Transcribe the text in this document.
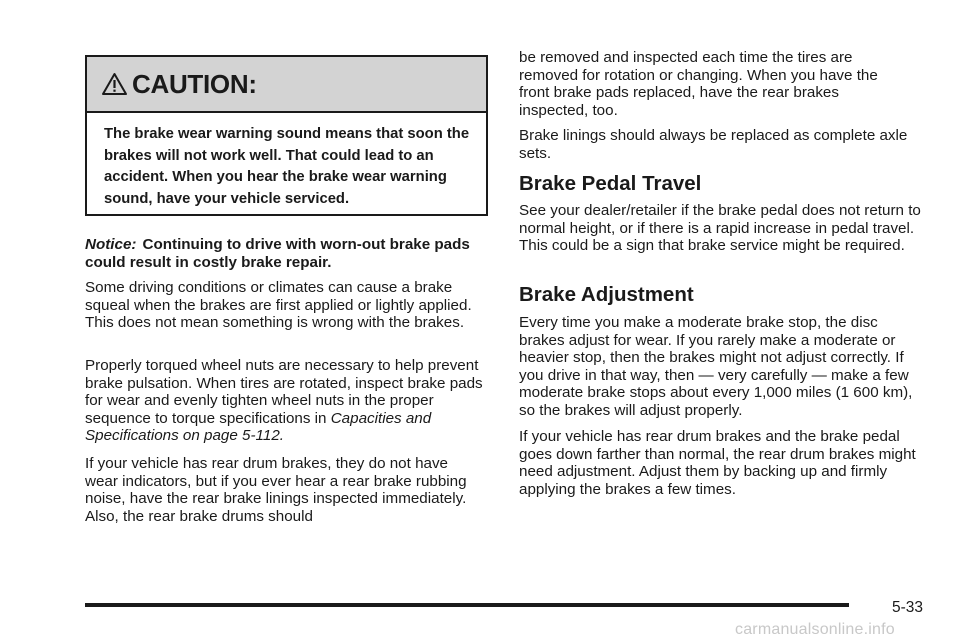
CAUTION:
The brake wear warning sound means that soon the brakes will not work well. That could lead to an accident. When you hear the brake wear warning sound, have your vehicle serviced.

Notice: Continuing to drive with worn-out brake pads could result in costly brake repair.

Some driving conditions or climates can cause a brake squeal when the brakes are first applied or lightly applied. This does not mean something is wrong with the brakes.

Properly torqued wheel nuts are necessary to help prevent brake pulsation. When tires are rotated, inspect brake pads for wear and evenly tighten wheel nuts in the proper sequence to torque specifications in Capacities and Specifications on page 5-112.

If your vehicle has rear drum brakes, they do not have wear indicators, but if you ever hear a rear brake rubbing noise, have the rear brake linings inspected immediately. Also, the rear brake drums should

be removed and inspected each time the tires are removed for rotation or changing. When you have the front brake pads replaced, have the rear brakes inspected, too.

Brake linings should always be replaced as complete axle sets.

Brake Pedal Travel

See your dealer/retailer if the brake pedal does not return to normal height, or if there is a rapid increase in pedal travel. This could be a sign that brake service might be required.

Brake Adjustment

Every time you make a moderate brake stop, the disc brakes adjust for wear. If you rarely make a moderate or heavier stop, then the brakes might not adjust correctly. If you drive in that way, then — very carefully — make a few moderate brake stops about every 1,000 miles (1 600 km), so the brakes will adjust properly.

If your vehicle has rear drum brakes and the brake pedal goes down farther than normal, the rear drum brakes might need adjustment. Adjust them by backing up and firmly applying the brakes a few times.

5-33
carmanualsonline.info
